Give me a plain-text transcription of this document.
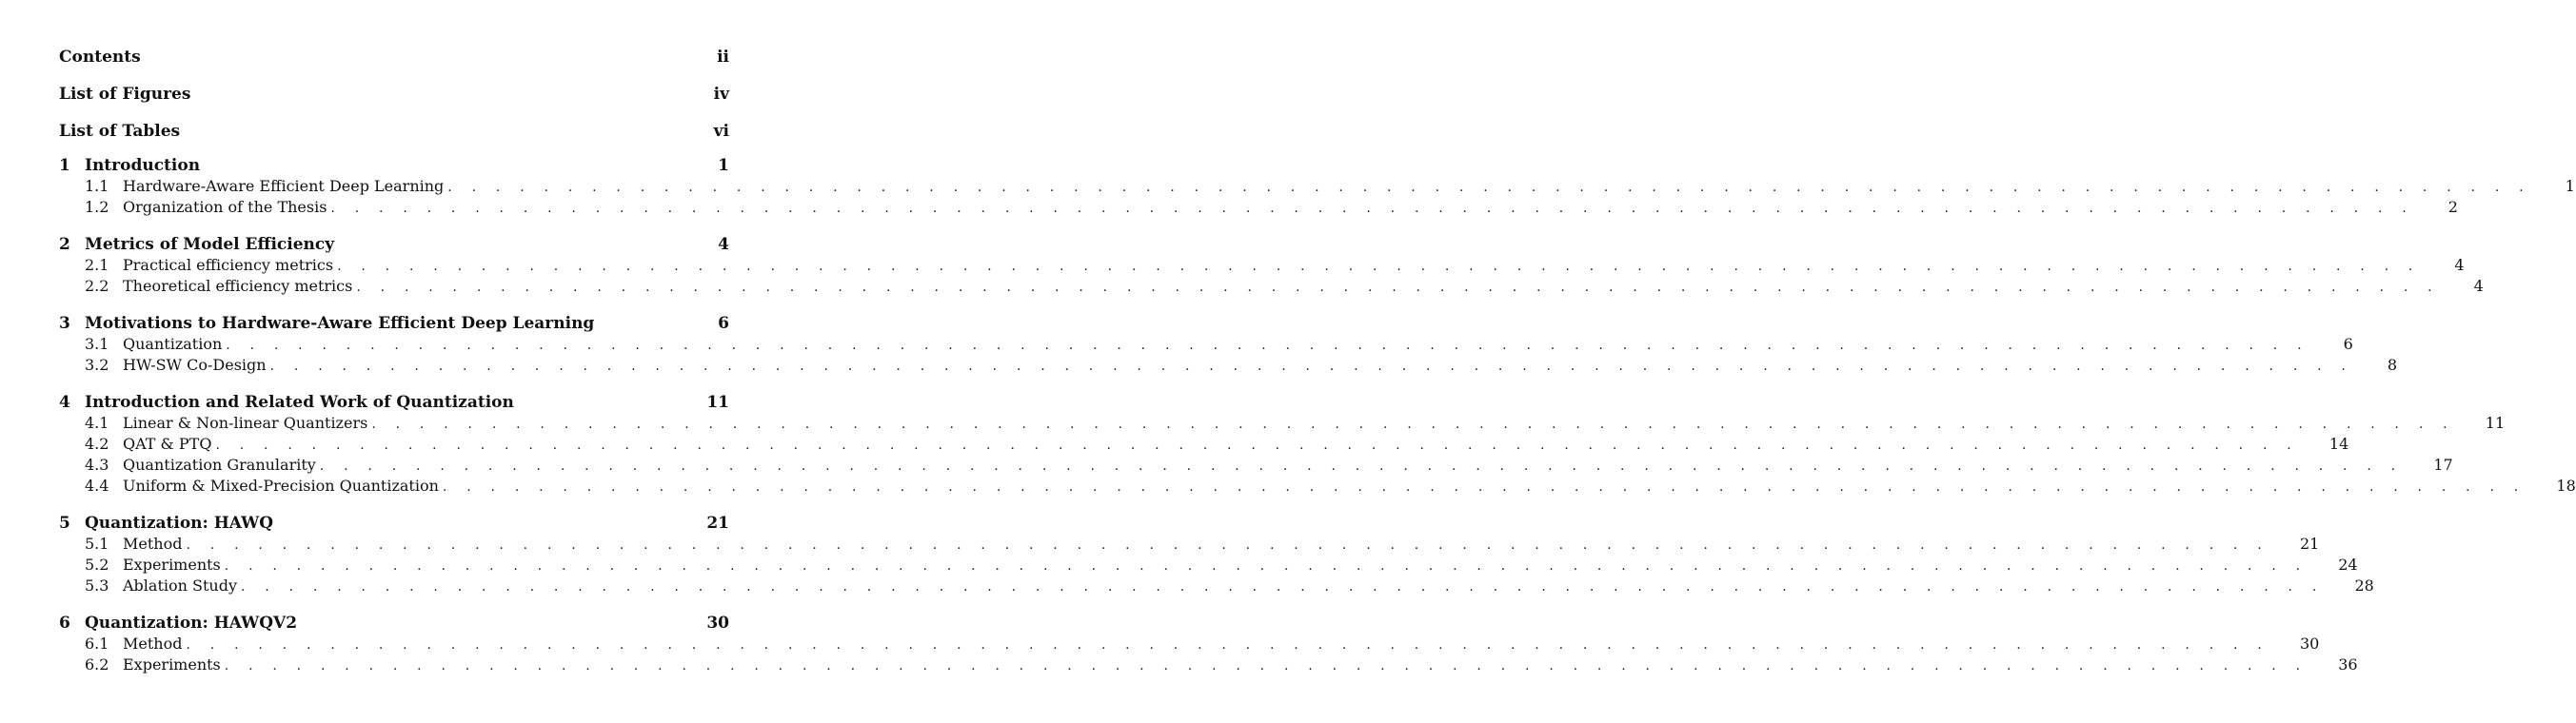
Contents	ii
List of Figures	iv
List of Tables	vi
1 Introduction	1
1.1 Hardware-Aware Efficient Deep Learning . . . . . . . . . . . . . . . . . . . . . . . . . . . . . . . . . . . . . . . . . . . . . . . . . . . . . . . . . . . . . . . . . . . . . . . . . . . . . . . . . . . . . . . 1
1.2 Organization of the Thesis . . . . . . . . . . . . . . . . . . . . . . . . . . . . . . . . . . . . . . . . . . . . . . . . . . . . . . . . . . . . . . . . . . . . . . . . . . . . . . . . . . . . . . . 2
2 Metrics of Model Efficiency	4
2.1 Practical efficiency metrics . . . . . . . . . . . . . . . . . . . . . . . . . . . . . . . . . . . . . . . . . . . . . . . . . . . . . . . . . . . . . . . . . . . . . . . . . . . . . . . . . . . . . . . 4
2.2 Theoretical efficiency metrics . . . . . . . . . . . . . . . . . . . . . . . . . . . . . . . . . . . . . . . . . . . . . . . . . . . . . . . . . . . . . . . . . . . . . . . . . . . . . . . . . . . . . . . 4
3 Motivations to Hardware-Aware Efficient Deep Learning	6
3.1 Quantization . . . . . . . . . . . . . . . . . . . . . . . . . . . . . . . . . . . . . . . . . . . . . . . . . . . . . . . . . . . . . . . . . . . . . . . . . . . . . . . . . . . . . . . 6
3.2 HW-SW Co-Design . . . . . . . . . . . . . . . . . . . . . . . . . . . . . . . . . . . . . . . . . . . . . . . . . . . . . . . . . . . . . . . . . . . . . . . . . . . . . . . . . . . . . . . 8
4 Introduction and Related Work of Quantization	11
4.1 Linear & Non-linear Quantizers . . . . . . . . . . . . . . . . . . . . . . . . . . . . . . . . . . . . . . . . . . . . . . . . . . . . . . . . . . . . . . . . . . . . . . . . . . . . . . . . . . . . . . . 11
4.2 QAT & PTQ . . . . . . . . . . . . . . . . . . . . . . . . . . . . . . . . . . . . . . . . . . . . . . . . . . . . . . . . . . . . . . . . . . . . . . . . . . . . . . . . . . . . . . . 14
4.3 Quantization Granularity . . . . . . . . . . . . . . . . . . . . . . . . . . . . . . . . . . . . . . . . . . . . . . . . . . . . . . . . . . . . . . . . . . . . . . . . . . . . . . . . . . . . . . . 17
4.4 Uniform & Mixed-Precision Quantization . . . . . . . . . . . . . . . . . . . . . . . . . . . . . . . . . . . . . . . . . . . . . . . . . . . . . . . . . . . . . . . . . . . . . . . . . . . . . . . . . . . . . . . 18
5 Quantization: HAWQ	21
5.1 Method . . . . . . . . . . . . . . . . . . . . . . . . . . . . . . . . . . . . . . . . . . . . . . . . . . . . . . . . . . . . . . . . . . . . . . . . . . . . . . . . . . . . . . . 21
5.2 Experiments . . . . . . . . . . . . . . . . . . . . . . . . . . . . . . . . . . . . . . . . . . . . . . . . . . . . . . . . . . . . . . . . . . . . . . . . . . . . . . . . . . . . . . . 24
5.3 Ablation Study . . . . . . . . . . . . . . . . . . . . . . . . . . . . . . . . . . . . . . . . . . . . . . . . . . . . . . . . . . . . . . . . . . . . . . . . . . . . . . . . . . . . . . . 28
6 Quantization: HAWQV2	30
6.1 Method . . . . . . . . . . . . . . . . . . . . . . . . . . . . . . . . . . . . . . . . . . . . . . . . . . . . . . . . . . . . . . . . . . . . . . . . . . . . . . . . . . . . . . . 30
6.2 Experiments . . . . . . . . . . . . . . . . . . . . . . . . . . . . . . . . . . . . . . . . . . . . . . . . . . . . . . . . . . . . . . . . . . . . . . . . . . . . . . . . . . . . . . . 36
